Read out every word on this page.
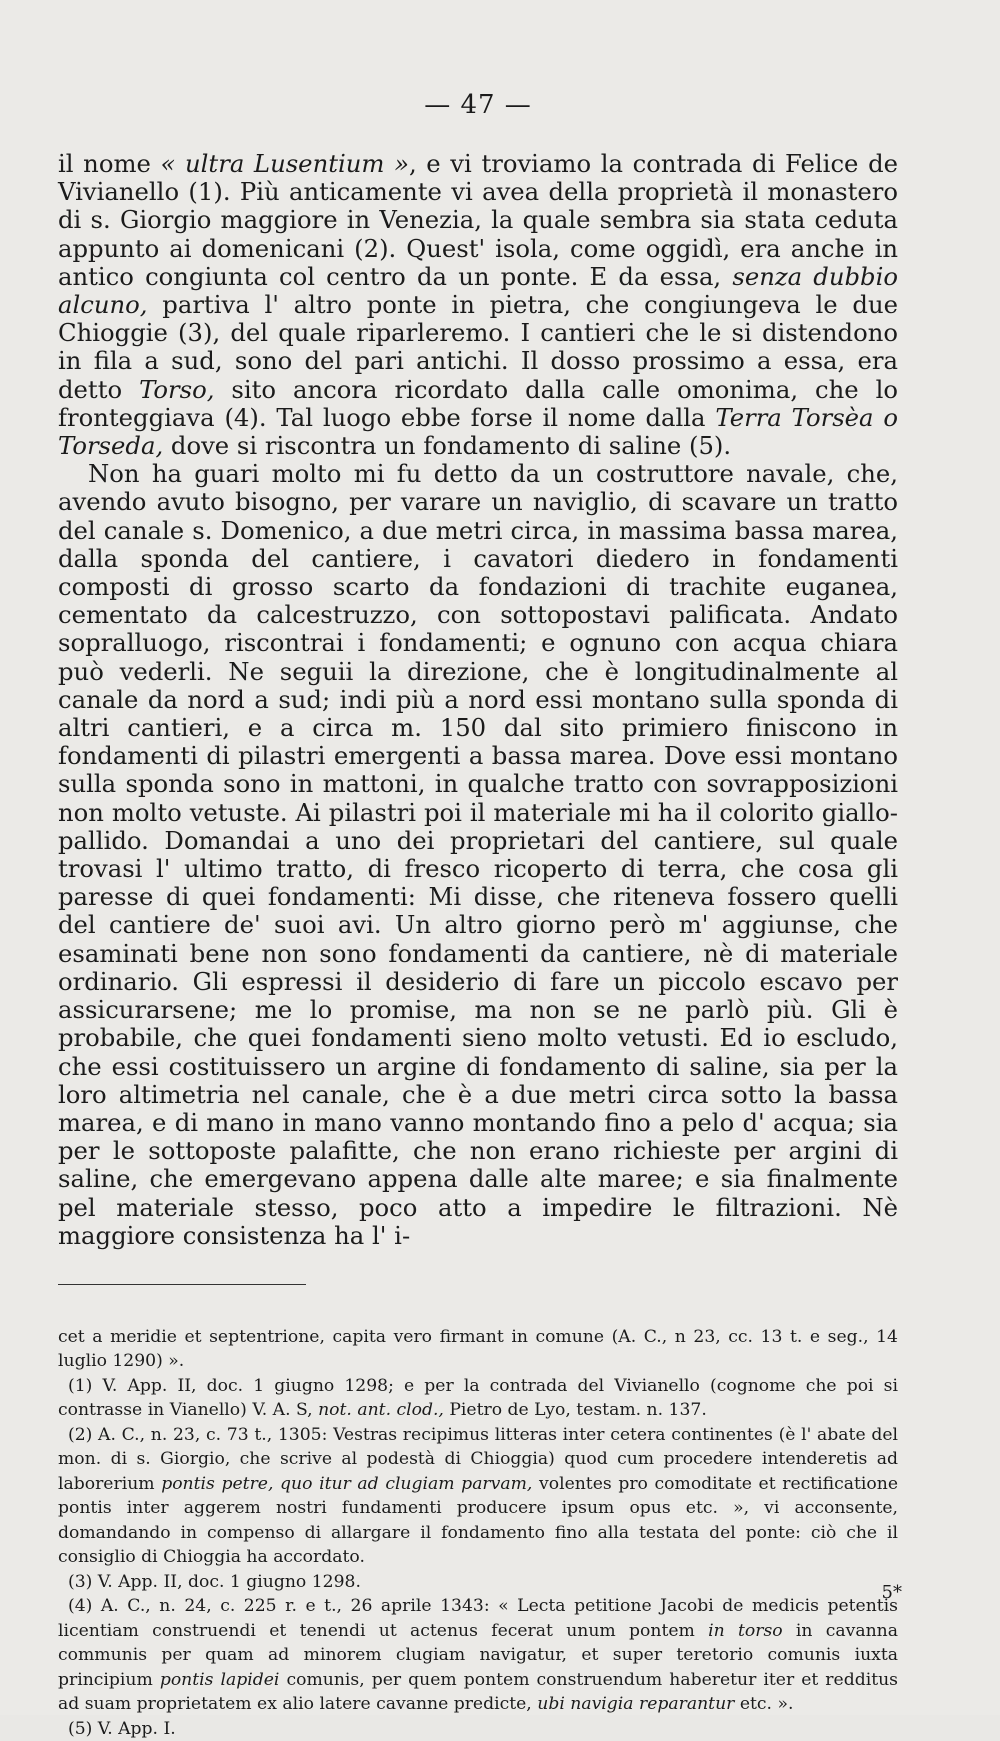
— 47 —

il nome « ultra Lusentium », e vi troviamo la contrada di Felice de Vivianello (1). Più anticamente vi avea della proprietà il monastero di s. Giorgio maggiore in Venezia, la quale sembra sia stata ceduta appunto ai domenicani (2). Quest' isola, come oggidì, era anche in antico congiunta col centro da un ponte. E da essa, senza dubbio alcuno, partiva l' altro ponte in pietra, che congiungeva le due Chioggie (3), del quale riparleremo. I cantieri che le si distendono in fila a sud, sono del pari antichi. Il dosso prossimo a essa, era detto Torso, sito ancora ricordato dalla calle omonima, che lo fronteggiava (4). Tal luogo ebbe forse il nome dalla Terra Torsèa o Torseda, dove si riscontra un fondamento di saline (5).

Non ha guari molto mi fu detto da un costruttore navale, che, avendo avuto bisogno, per varare un naviglio, di scavare un tratto del canale s. Domenico, a due metri circa, in massima bassa marea, dalla sponda del cantiere, i cavatori diedero in fondamenti composti di grosso scarto da fondazioni di trachite euganea, cementato da calcestruzzo, con sottopostavi palificata. Andato sopralluogo, riscontrai i fondamenti; e ognuno con acqua chiara può vederli. Ne seguii la direzione, che è longitudinalmente al canale da nord a sud; indi più a nord essi montano sulla sponda di altri cantieri, e a circa m. 150 dal sito primiero finiscono in fondamenti di pilastri emergenti a bassa marea. Dove essi montano sulla sponda sono in mattoni, in qualche tratto con sovrapposizioni non molto vetuste. Ai pilastri poi il materiale mi ha il colorito giallo-pallido. Domandai a uno dei proprietari del cantiere, sul quale trovasi l' ultimo tratto, di fresco ricoperto di terra, che cosa gli paresse di quei fondamenti: Mi disse, che riteneva fossero quelli del cantiere de' suoi avi. Un altro giorno però m' aggiunse, che esaminati bene non sono fondamenti da cantiere, nè di materiale ordinario. Gli espressi il desiderio di fare un piccolo escavo per assicurarsene; me lo promise, ma non se ne parlò più. Gli è probabile, che quei fondamenti sieno molto vetusti. Ed io escludo, che essi costituissero un argine di fondamento di saline, sia per la loro altimetria nel canale, che è a due metri circa sotto la bassa marea, e di mano in mano vanno montando fino a pelo d' acqua; sia per le sottoposte palafitte, che non erano richieste per argini di saline, che emergevano appena dalle alte maree; e sia finalmente pel materiale stesso, poco atto a impedire le filtrazioni. Nè maggiore consistenza ha l' i-

cet a meridie et septentrione, capita vero firmant in comune (A. C., n 23, cc. 13 t. e seg., 14 luglio 1290) ».

(1) V. App. II, doc. 1 giugno 1298; e per la contrada del Vivianello (cognome che poi si contrasse in Vianello) V. A. S, not. ant. clod., Pietro de Lyo, testam. n. 137.

(2) A. C., n. 23, c. 73 t., 1305: Vestras recipimus litteras inter cetera continentes (è l' abate del mon. di s. Giorgio, che scrive al podestà di Chioggia) quod cum procedere intenderetis ad laborerium pontis petre, quo itur ad clugiam parvam, volentes pro comoditate et rectificatione pontis inter aggerem nostri fundamenti producere ipsum opus etc. », vi acconsente, domandando in compenso di allargare il fondamento fino alla testata del ponte: ciò che il consiglio di Chioggia ha accordato.

(3) V. App. II, doc. 1 giugno 1298.

(4) A. C., n. 24, c. 225 r. e t., 26 aprile 1343: « Lecta petitione Jacobi de medicis petentis licentiam construendi et tenendi ut actenus fecerat unum pontem in torso in cavanna communis per quam ad minorem clugiam navigatur, et super teretorio comunis iuxta principium pontis lapidei comunis, per quem pontem construendum haberetur iter et redditus ad suam proprietatem ex alio latere cavanne predicte, ubi navigia reparantur etc. ».

(5) V. App. I.

5*
